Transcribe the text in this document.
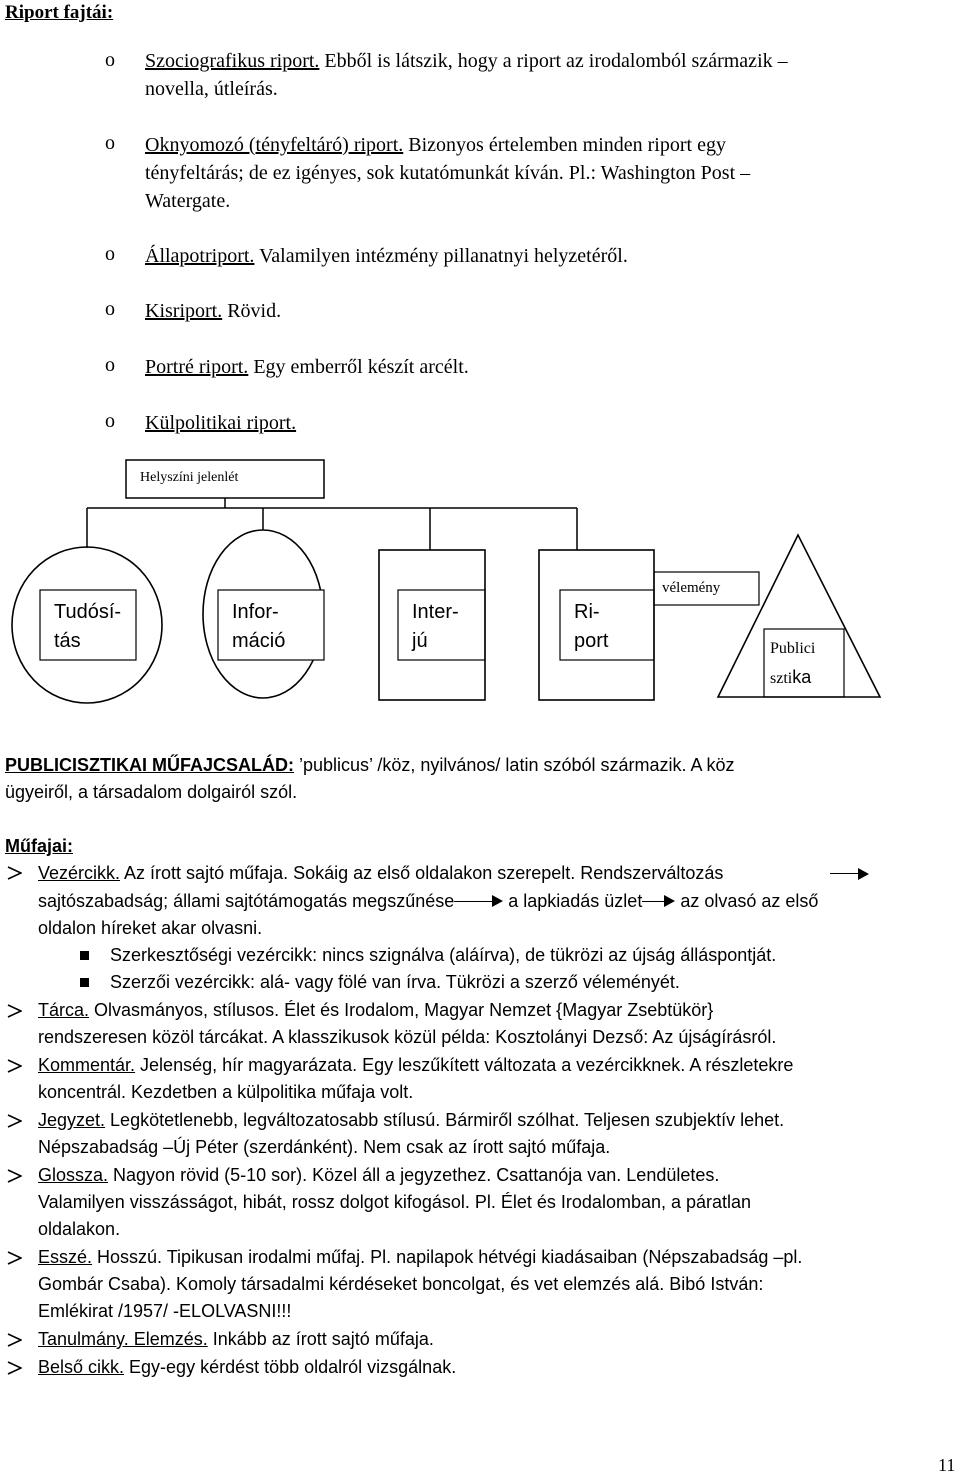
Riport fajtái:
o Szociografikus riport. Ebből is látszik, hogy a riport az irodalomból származik –
novella, útleírás.
o Oknyomozó (tényfeltáró) riport. Bizonyos értelemben minden riport egy
tényfeltárás; de ez igényes, sok kutatómunkát kíván. Pl.: Washington Post –
Watergate.
o Állapotriport. Valamilyen intézmény pillanatnyi helyzetéről.
o Kisriport. Rövid.
o Portré riport. Egy emberről készít arcélt.
o Külpolitikai riport.
Helyszíni jelenlét
Tudósí-
tás
Infor-
máció
Inter-
jú
Ri-
port
vélemény
Publici
sztika
PUBLICISZTIKAI MŰFAJCSALÁD: ’publicus’ /köz, nyilvános/ latin szóból származik. A köz
ügyeiről, a társadalom dolgairól szól.
Műfajai:
Vezércikk. Az írott sajtó műfaja. Sokáig az első oldalakon szerepelt. Rendszerváltozás
sajtószabadság; állami sajtótámogatás megszűnése	a lapkiadás üzlet az olvasó az első
oldalon híreket akar olvasni.
Szerkesztőségi vezércikk: nincs szignálva (aláírva), de tükrözi az újság álláspontját.
Szerzői vezércikk: alá- vagy fölé van írva. Tükrözi a szerző véleményét.
Tárca. Olvasmányos, stílusos. Élet és Irodalom, Magyar Nemzet {Magyar Zsebtükör}
rendszeresen közöl tárcákat. A klasszikusok közül példa: Kosztolányi Dezső: Az újságírásról.
Kommentár. Jelenség, hír magyarázata. Egy leszűkített változata a vezércikknek. A részletekre
koncentrál. Kezdetben a külpolitika műfaja volt.
Jegyzet. Legkötetlenebb, legváltozatosabb stílusú. Bármiről szólhat. Teljesen szubjektív lehet.
Népszabadság –Új Péter (szerdánként). Nem csak az írott sajtó műfaja.
Glossza. Nagyon rövid (5-10 sor). Közel áll a jegyzethez. Csattanója van. Lendületes.
Valamilyen visszásságot, hibát, rossz dolgot kifogásol. Pl. Élet és Irodalomban, a páratlan
oldalakon.
Esszé. Hosszú. Tipikusan irodalmi műfaj. Pl. napilapok hétvégi kiadásaiban (Népszabadság –pl.
Gombár Csaba). Komoly társadalmi kérdéseket boncolgat, és vet elemzés alá. Bibó István:
Emlékirat /1957/ -ELOLVASNI!!!
Tanulmány. Elemzés. Inkább az írott sajtó műfaja.
Belső cikk. Egy-egy kérdést több oldalról vizsgálnak.
11
